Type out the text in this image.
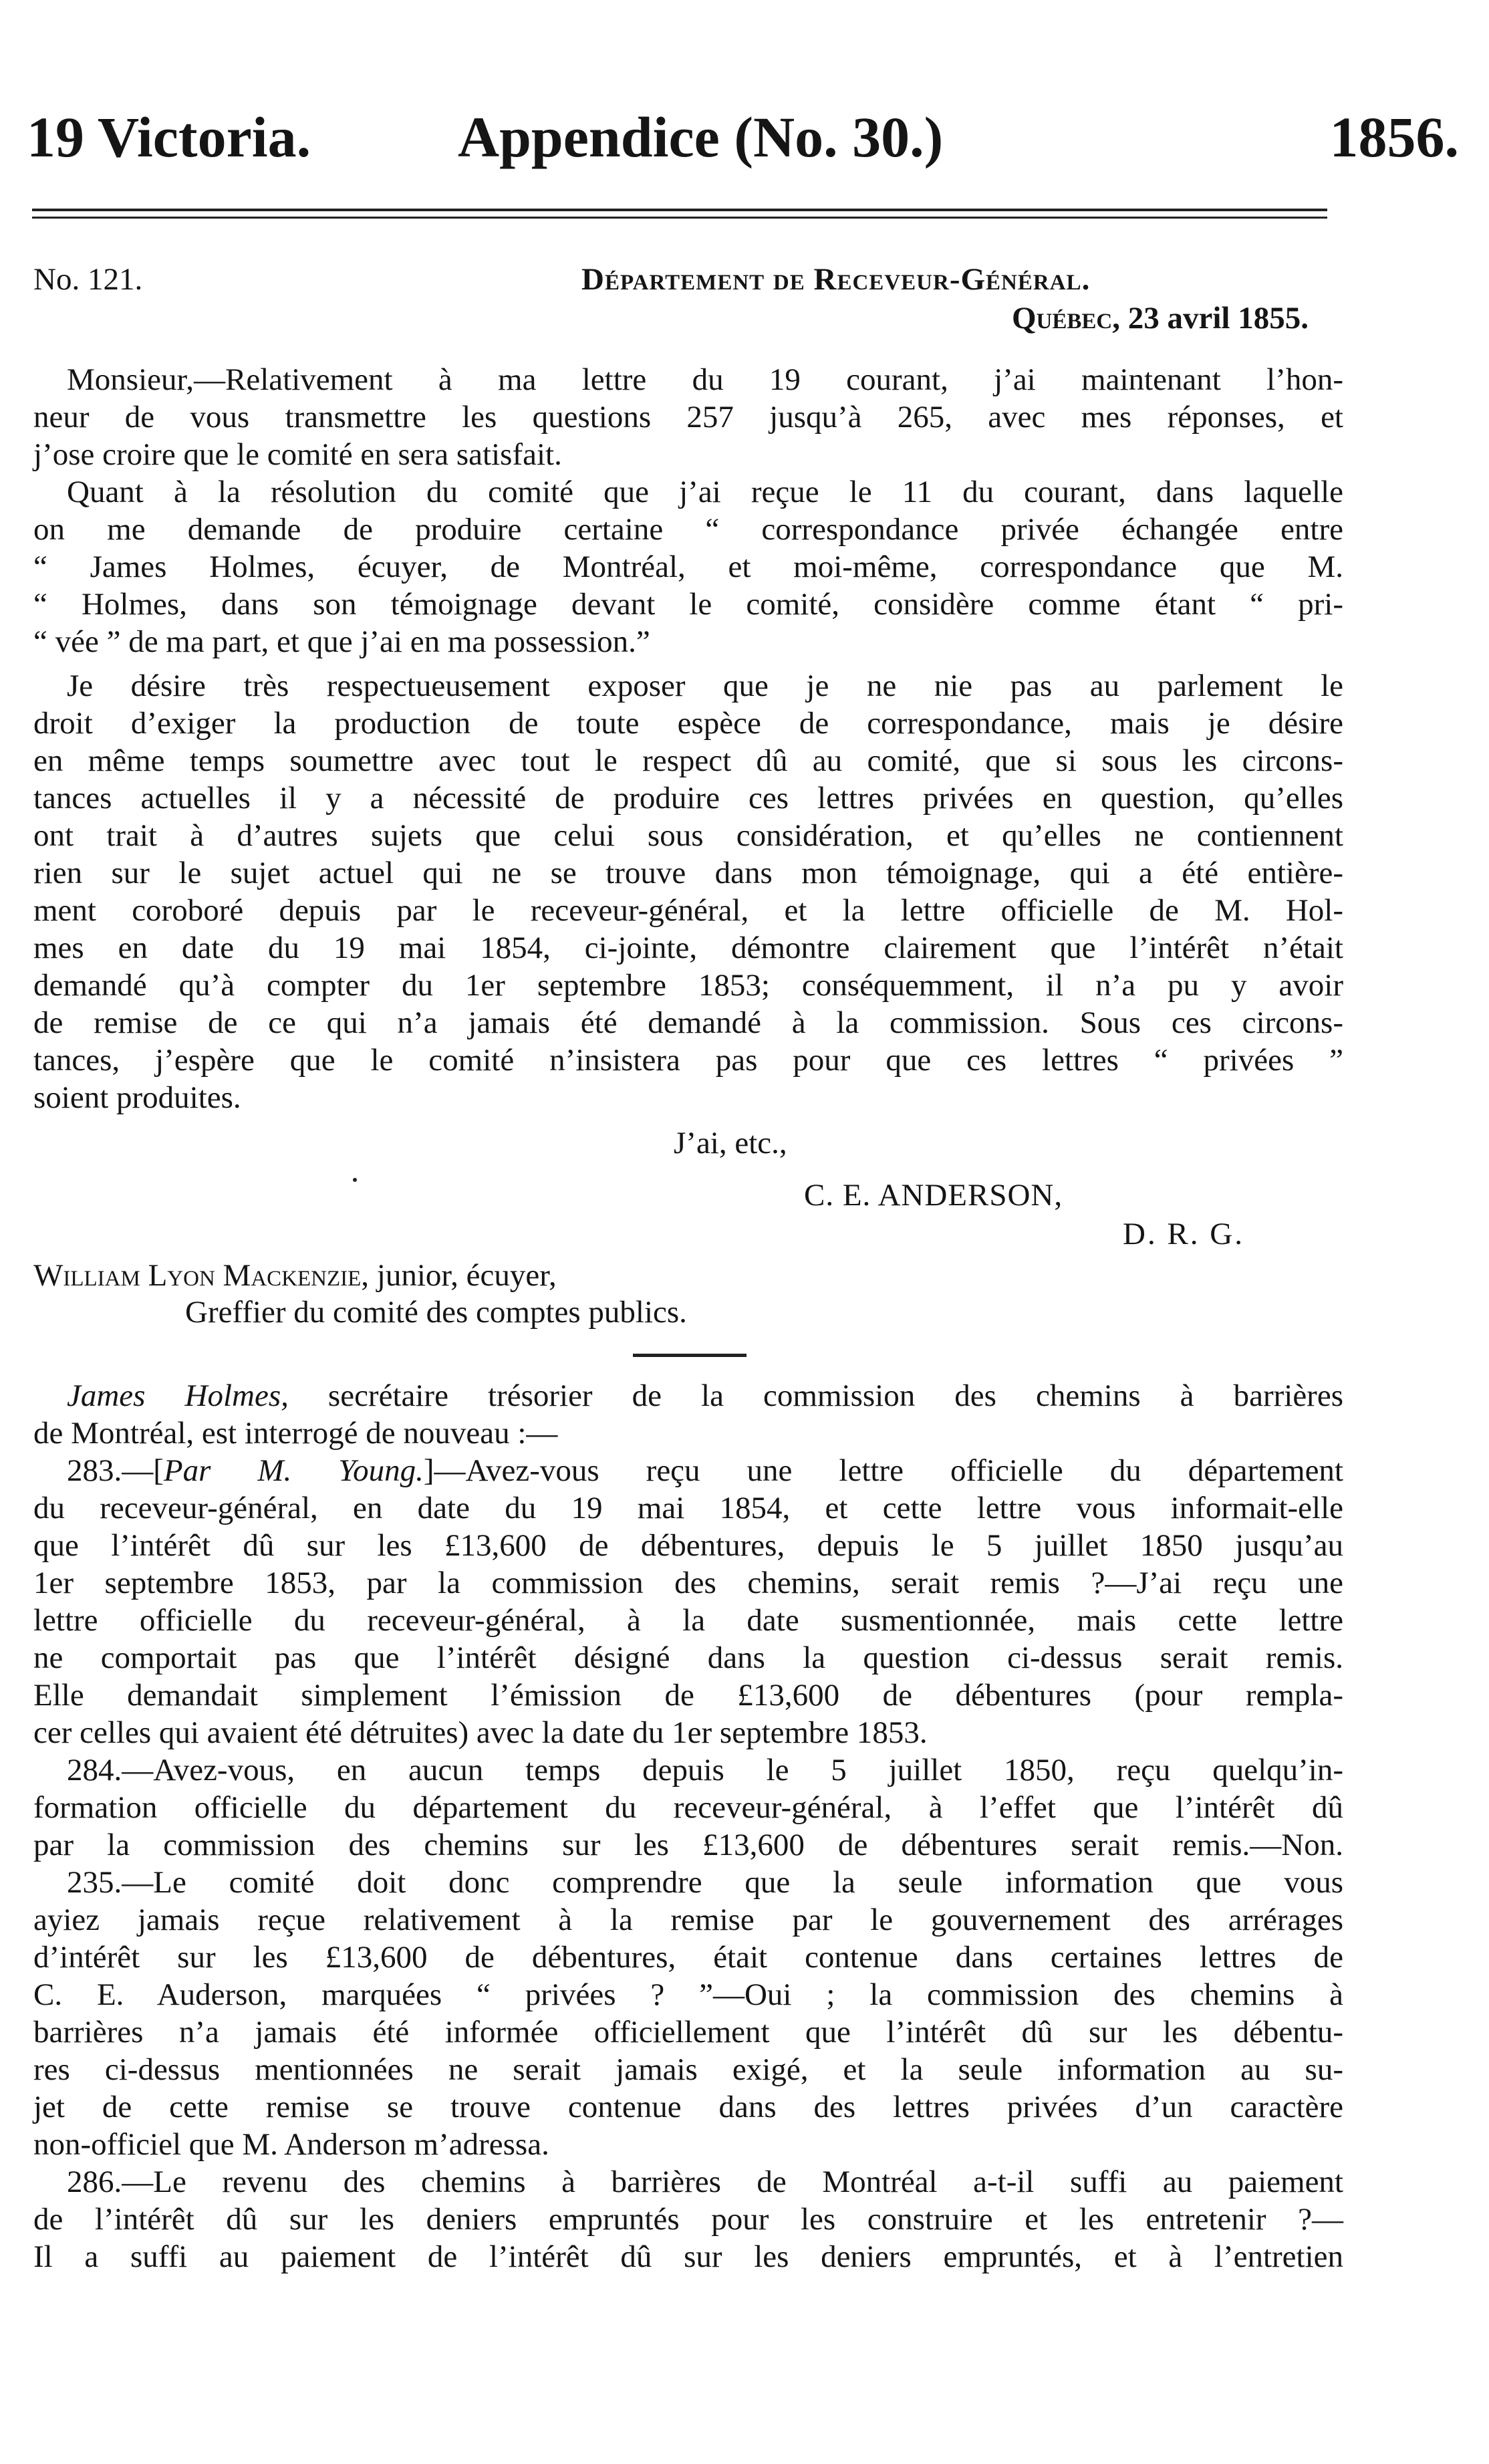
19 Victoria.	Appendice (No. 30.)	1856.
No. 121.	Département de Receveur-Général.
Québec, 23 avril 1855.
Monsieur,—Relativement à ma lettre du 19 courant, j’ai maintenant l’hon-
neur de vous transmettre les questions 257 jusqu’à 265, avec mes réponses, et
j’ose croire que le comité en sera satisfait.
Quant à la résolution du comité que j’ai reçue le 11 du courant, dans laquelle
on me demande de produire certaine “ correspondance privée échangée entre
“ James Holmes, écuyer, de Montréal, et moi-même, correspondance que M.
“ Holmes, dans son témoignage devant le comité, considère comme étant “ pri-
“ vée ” de ma part, et que j’ai en ma possession.”
Je désire très respectueusement exposer que je ne nie pas au parlement le
droit d’exiger la production de toute espèce de correspondance, mais je désire
en même temps soumettre avec tout le respect dû au comité, que si sous les circons-
tances actuelles il y a nécessité de produire ces lettres privées en question, qu’elles
ont trait à d’autres sujets que celui sous considération, et qu’elles ne contiennent
rien sur le sujet actuel qui ne se trouve dans mon témoignage, qui a été entière-
ment coroboré depuis par le receveur-général, et la lettre officielle de M. Hol-
mes en date du 19 mai 1854, ci-jointe, démontre clairement que l’intérêt n’était
demandé qu’à compter du 1er septembre 1853; conséquemment, il n’a pu y avoir
de remise de ce qui n’a jamais été demandé à la commission. Sous ces circons-
tances, j’espère que le comité n’insistera pas pour que ces lettres “ privées ”
soient produites.
J’ai, etc.,
C. E. ANDERSON,
D. R. G.
William Lyon Mackenzie, junior, écuyer,
Greffier du comité des comptes publics.
James Holmes, secrétaire trésorier de la commission des chemins à barrières
de Montréal, est interrogé de nouveau :—
283.—[Par M. Young.]—Avez-vous reçu une lettre officielle du département
du receveur-général, en date du 19 mai 1854, et cette lettre vous informait-elle
que l’intérêt dû sur les £13,600 de débentures, depuis le 5 juillet 1850 jusqu’au
1er septembre 1853, par la commission des chemins, serait remis ?—J’ai reçu une
lettre officielle du receveur-général, à la date susmentionnée, mais cette lettre
ne comportait pas que l’intérêt désigné dans la question ci-dessus serait remis.
Elle demandait simplement l’émission de £13,600 de débentures (pour rempla-
cer celles qui avaient été détruites) avec la date du 1er septembre 1853.
284.—Avez-vous, en aucun temps depuis le 5 juillet 1850, reçu quelqu’in-
formation officielle du département du receveur-général, à l’effet que l’intérêt dû
par la commission des chemins sur les £13,600 de débentures serait remis.—Non.
235.—Le comité doit donc comprendre que la seule information que vous
ayiez jamais reçue relativement à la remise par le gouvernement des arrérages
d’intérêt sur les £13,600 de débentures, était contenue dans certaines lettres de
C. E. Auderson, marquées “ privées ? ”—Oui ; la commission des chemins à
barrières n’a jamais été informée officiellement que l’intérêt dû sur les débentu-
res ci-dessus mentionnées ne serait jamais exigé, et la seule information au su-
jet de cette remise se trouve contenue dans des lettres privées d’un caractère
non-officiel que M. Anderson m’adressa.
286.—Le revenu des chemins à barrières de Montréal a-t-il suffi au paiement
de l’intérêt dû sur les deniers empruntés pour les construire et les entretenir ?—
Il a suffi au paiement de l’intérêt dû sur les deniers empruntés, et à l’entretien
